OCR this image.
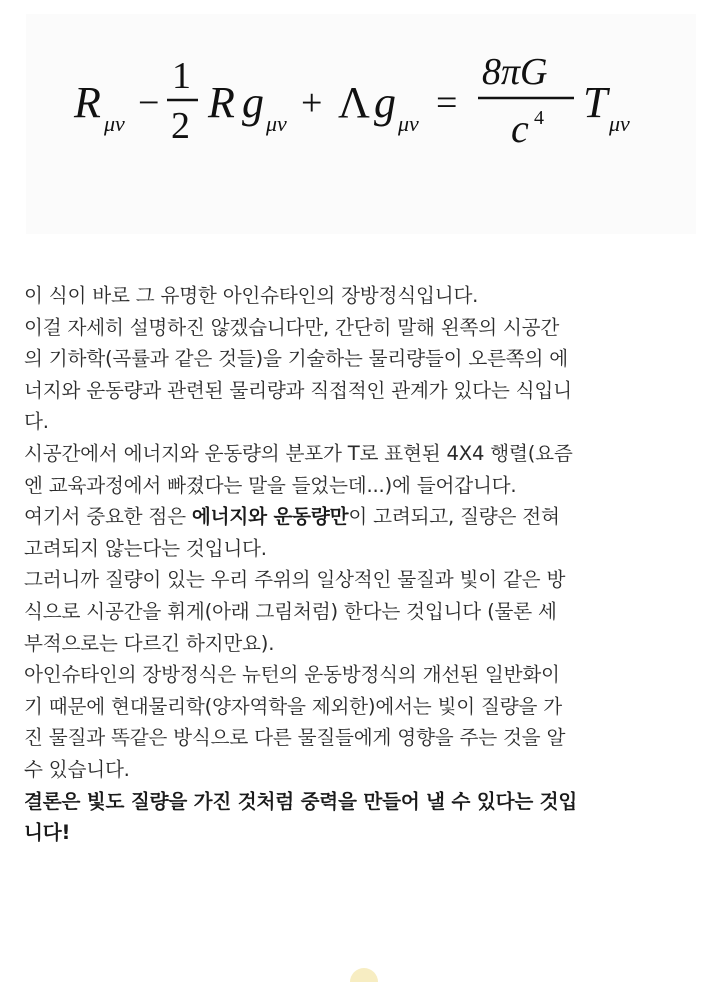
R μν −
1
2 R g μν + Λ g μν =
8πG
c 4 T μν
이 식이 바로 그 유명한 아인슈타인의 장방정식입니다.
이걸 자세히 설명하진 않겠습니다만, 간단히 말해 왼쪽의 시공간
의 기하학(곡률과 같은 것들)을 기술하는 물리량들이 오른쪽의 에
너지와 운동량과 관련된 물리량과 직접적인 관계가 있다는 식입니
다.
시공간에서 에너지와 운동량의 분포가 T로 표현된 4X4 행렬(요즘
엔 교육과정에서 빠졌다는 말을 들었는데...)에 들어갑니다.
여기서 중요한 점은 에너지와 운동량만이 고려되고, 질량은 전혀
고려되지 않는다는 것입니다.
그러니까 질량이 있는 우리 주위의 일상적인 물질과 빛이 같은 방
식으로 시공간을 휘게(아래 그림처럼) 한다는 것입니다 (물론 세
부적으로는 다르긴 하지만요).
아인슈타인의 장방정식은 뉴턴의 운동방정식의 개선된 일반화이
기 때문에 현대물리학(양자역학을 제외한)에서는 빛이 질량을 가
진 물질과 똑같은 방식으로 다른 물질들에게 영향을 주는 것을 알
수 있습니다.
결론은 빛도 질량을 가진 것처럼 중력을 만들어 낼 수 있다는 것입
니다!
